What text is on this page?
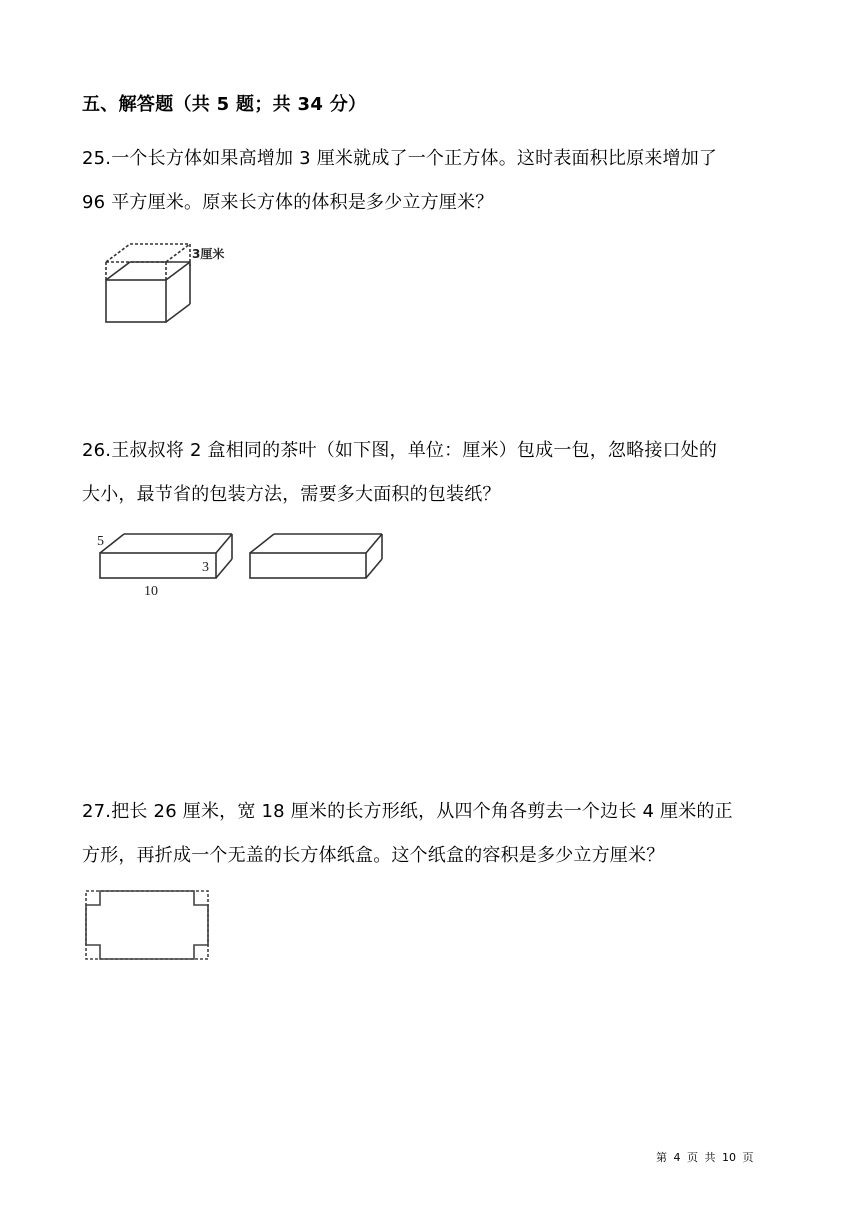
五、解答题（共 5 题；共 34 分）

25.一个长方体如果高增加 3 厘米就成了一个正方体。这时表面积比原来增加了

96 平方厘米。原来长方体的体积是多少立方厘米？

3厘米

26.王叔叔将 2 盒相同的茶叶（如下图，单位：厘米）包成一包，忽略接口处的

大小，最节省的包装方法，需要多大面积的包装纸？

5
3
10

27.把长 26 厘米，宽 18 厘米的长方形纸，从四个角各剪去一个边长 4 厘米的正

方形，再折成一个无盖的长方体纸盒。这个纸盒的容积是多少立方厘米？

第 4 页 共 10 页
